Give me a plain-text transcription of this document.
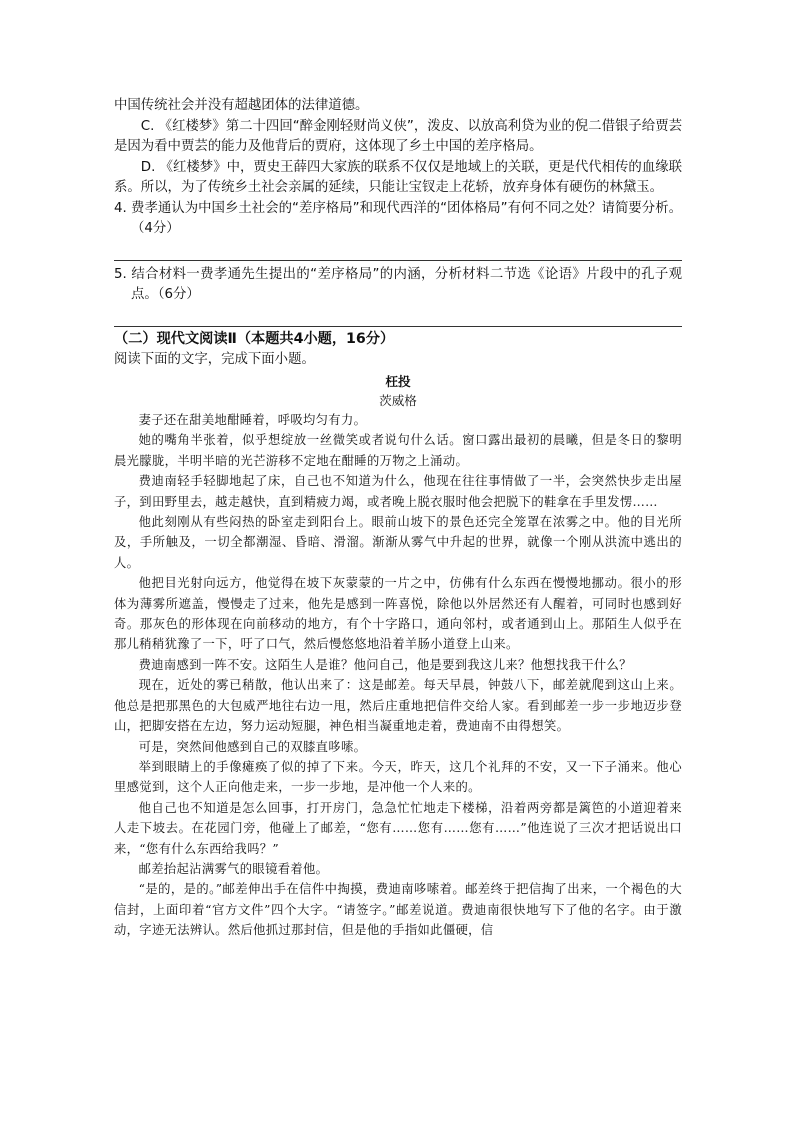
中国传统社会并没有超越团体的法律道德。

C. 《红楼梦》第二十四回“醉金刚轻财尚义侠”，泼皮、以放高利贷为业的倪二借银子给贾芸是因为看中贾芸的能力及他背后的贾府，这体现了乡土中国的差序格局。

D. 《红楼梦》中，贾史王薛四大家族的联系不仅仅是地域上的关联，更是代代相传的血缘联系。所以，为了传统乡土社会亲属的延续，只能让宝钗走上花轿，放弃身体有硬伤的林黛玉。

4. 费孝通认为中国乡土社会的“差序格局”和现代西洋的“团体格局”有何不同之处？请简要分析。（4分）

5. 结合材料一费孝通先生提出的“差序格局”的内涵，分析材料二节选《论语》片段中的孔子观点。（6分）

（二）现代文阅读Ⅱ（本题共4小题，16分）

阅读下面的文字，完成下面小题。

枉投

茨威格

妻子还在甜美地酣睡着，呼吸均匀有力。

她的嘴角半张着，似乎想绽放一丝微笑或者说句什么话。窗口露出最初的晨曦，但是冬日的黎明晨光朦胧，半明半暗的光芒游移不定地在酣睡的万物之上涌动。

费迪南轻手轻脚地起了床，自己也不知道为什么，他现在往往事情做了一半，会突然快步走出屋子，到田野里去，越走越快，直到精疲力竭，或者晚上脱衣服时他会把脱下的鞋拿在手里发愣……

他此刻刚从有些闷热的卧室走到阳台上。眼前山坡下的景色还完全笼罩在浓雾之中。他的目光所及，手所触及，一切全都潮湿、昏暗、滑溜。渐渐从雾气中升起的世界，就像一个刚从洪流中逃出的人。

他把目光射向远方，他觉得在坡下灰蒙蒙的一片之中，仿佛有什么东西在慢慢地挪动。很小的形体为薄雾所遮盖，慢慢走了过来，他先是感到一阵喜悦，除他以外居然还有人醒着，可同时也感到好奇。那灰色的形体现在向前移动的地方，有个十字路口，通向邻村，或者通到山上。那陌生人似乎在那儿稍稍犹豫了一下，吁了口气，然后慢悠悠地沿着羊肠小道登上山来。

费迪南感到一阵不安。这陌生人是谁？他问自己，他是要到我这儿来？他想找我干什么？

现在，近处的雾已稍散，他认出来了：这是邮差。每天早晨，钟鼓八下，邮差就爬到这山上来。他总是把那黑色的大包威严地往右边一甩，然后庄重地把信件交给人家。看到邮差一步一步地迈步登山，把脚安搭在左边，努力运动短腿，神色相当凝重地走着，费迪南不由得想笑。

可是，突然间他感到自己的双膝直哆嗦。

举到眼睛上的手像瘫痪了似的掉了下来。今天，昨天，这几个礼拜的不安，又一下子涌来。他心里感觉到，这个人正向他走来，一步一步地，是冲他一个人来的。

他自己也不知道是怎么回事，打开房门，急急忙忙地走下楼梯，沿着两旁都是篱笆的小道迎着来人走下坡去。在花园门旁，他碰上了邮差，“您有……您有……您有……”他连说了三次才把话说出口来，“您有什么东西给我吗？”

邮差抬起沾满雾气的眼镜看着他。

“是的，是的。”邮差伸出手在信件中掏摸，费迪南哆嗦着。邮差终于把信掏了出来，一个褐色的大信封，上面印着“官方文件”四个大字。“请签字。”邮差说道。费迪南很快地写下了他的名字。由于激动，字迹无法辨认。然后他抓过那封信，但是他的手指如此僵硬，信
